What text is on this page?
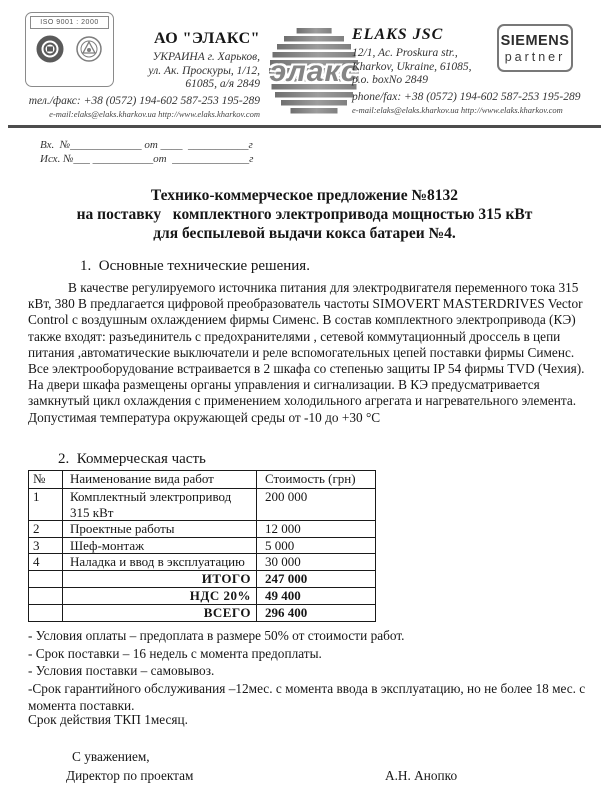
ISO 9001 : 2000
АО "ЭЛАКС"
УКРАИНА г. Харьков,
ул. Ак. Проскуры, 1/12,
61085, а/я 2849
тел./факс: +38 (0572) 194-602 587-253 195-289
e-mail:elaks@elaks.kharkov.ua http://www.elaks.kharkov.com
элакс
ELAKS JSC
12/1, Ac. Proskura str.,
Kharkov, Ukraine, 61085,
p.o. boxNo 2849
phone/fax: +38 (0572) 194-602 587-253 195-289
e-mail:elaks@elaks.kharkov.ua http://www.elaks.kharkov.com
SIEMENS
partner
Вх.  №_____________ от ____  ___________г
Исх. №___ ___________от  ______________г
Технико-коммерческое предложение №8132
на поставку   комплектного электропривода мощностью 315 кВт
для беспылевой выдачи кокса батареи №4.
1.  Основные технические решения.
В качестве регулируемого источника питания для электродвигателя переменного тока 315 кВт, 380 В предлагается цифровой преобразователь частоты SIMOVERT MASTERDRIVES Vector Control с воздушным охлаждением фирмы Сименс. В состав комплектного электропривода (КЭ) также входят: разъединитель с предохранителями , сетевой коммутационный дроссель в цепи питания ,автоматические выключатели и реле вспомогательных цепей поставки фирмы Сименс. Все электрооборудование встраивается в 2 шкафа со степенью защиты IP 54 фирмы TVD (Чехия). На двери шкафа размещены органы управления и сигнализации. В КЭ предусматривается замкнутый цикл охлаждения с применением холодильного агрегата и нагревательного элемента. Допустимая температура окружающей среды от -10 до +30 °С
2.  Коммерческая часть
№	Наименование вида работ	Стоимость (грн)
1	Комплектный электропривод 315 кВт	200 000
2	Проектные работы	12 000
3	Шеф-монтаж	5 000
4	Наладка и ввод в эксплуатацию	30 000
	ИТОГО	247 000
	НДС 20%	49 400
	ВСЕГО	296 400
- Условия оплаты – предоплата в размере 50% от стоимости работ.
- Срок поставки – 16 недель с момента предоплаты.
- Условия поставки – самовывоз.
-Срок гарантийного обслуживания –12мес. с момента ввода в эксплуатацию, но не более 18 мес. с момента поставки.
Срок действия ТКП 1месяц.
С уважением,
Директор по проектам	А.Н. Анопко
